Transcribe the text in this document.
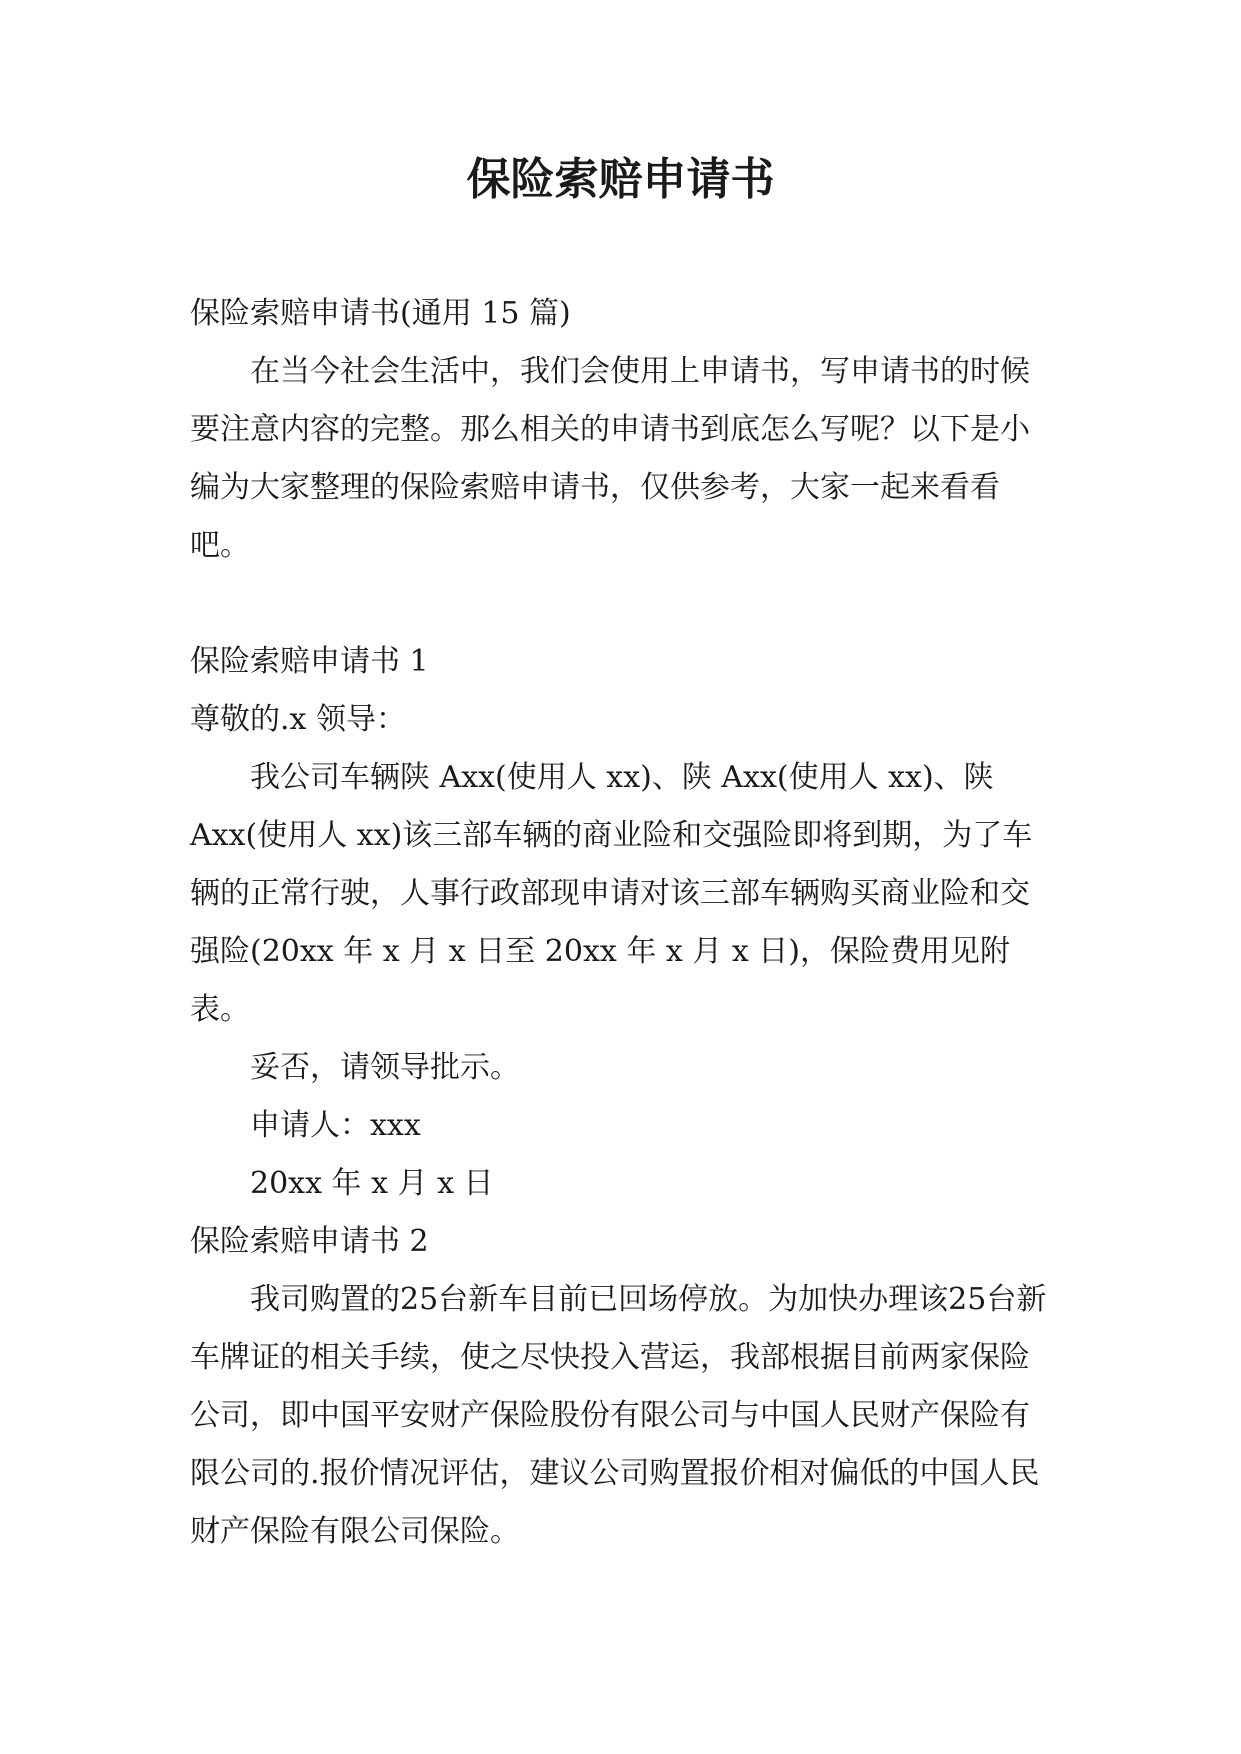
保险索赔申请书

保险索赔申请书(通用 15 篇)

在当今社会生活中，我们会使用上申请书，写申请书的时候要注意内容的完整。那么相关的申请书到底怎么写呢？以下是小编为大家整理的保险索赔申请书，仅供参考，大家一起来看看吧。

保险索赔申请书 1

尊敬的.x 领导：

我公司车辆陕 Axx(使用人 xx)、陕 Axx(使用人 xx)、陕 Axx(使用人 xx)该三部车辆的商业险和交强险即将到期，为了车辆的正常行驶，人事行政部现申请对该三部车辆购买商业险和交强险(20xx 年 x 月 x 日至 20xx 年 x 月 x 日)，保险费用见附表。

妥否，请领导批示。

申请人：xxx

20xx 年 x 月 x 日

保险索赔申请书 2

我司购置的25台新车目前已回场停放。为加快办理该25台新车牌证的相关手续，使之尽快投入营运，我部根据目前两家保险公司，即中国平安财产保险股份有限公司与中国人民财产保险有限公司的.报价情况评估，建议公司购置报价相对偏低的中国人民财产保险有限公司保险。
